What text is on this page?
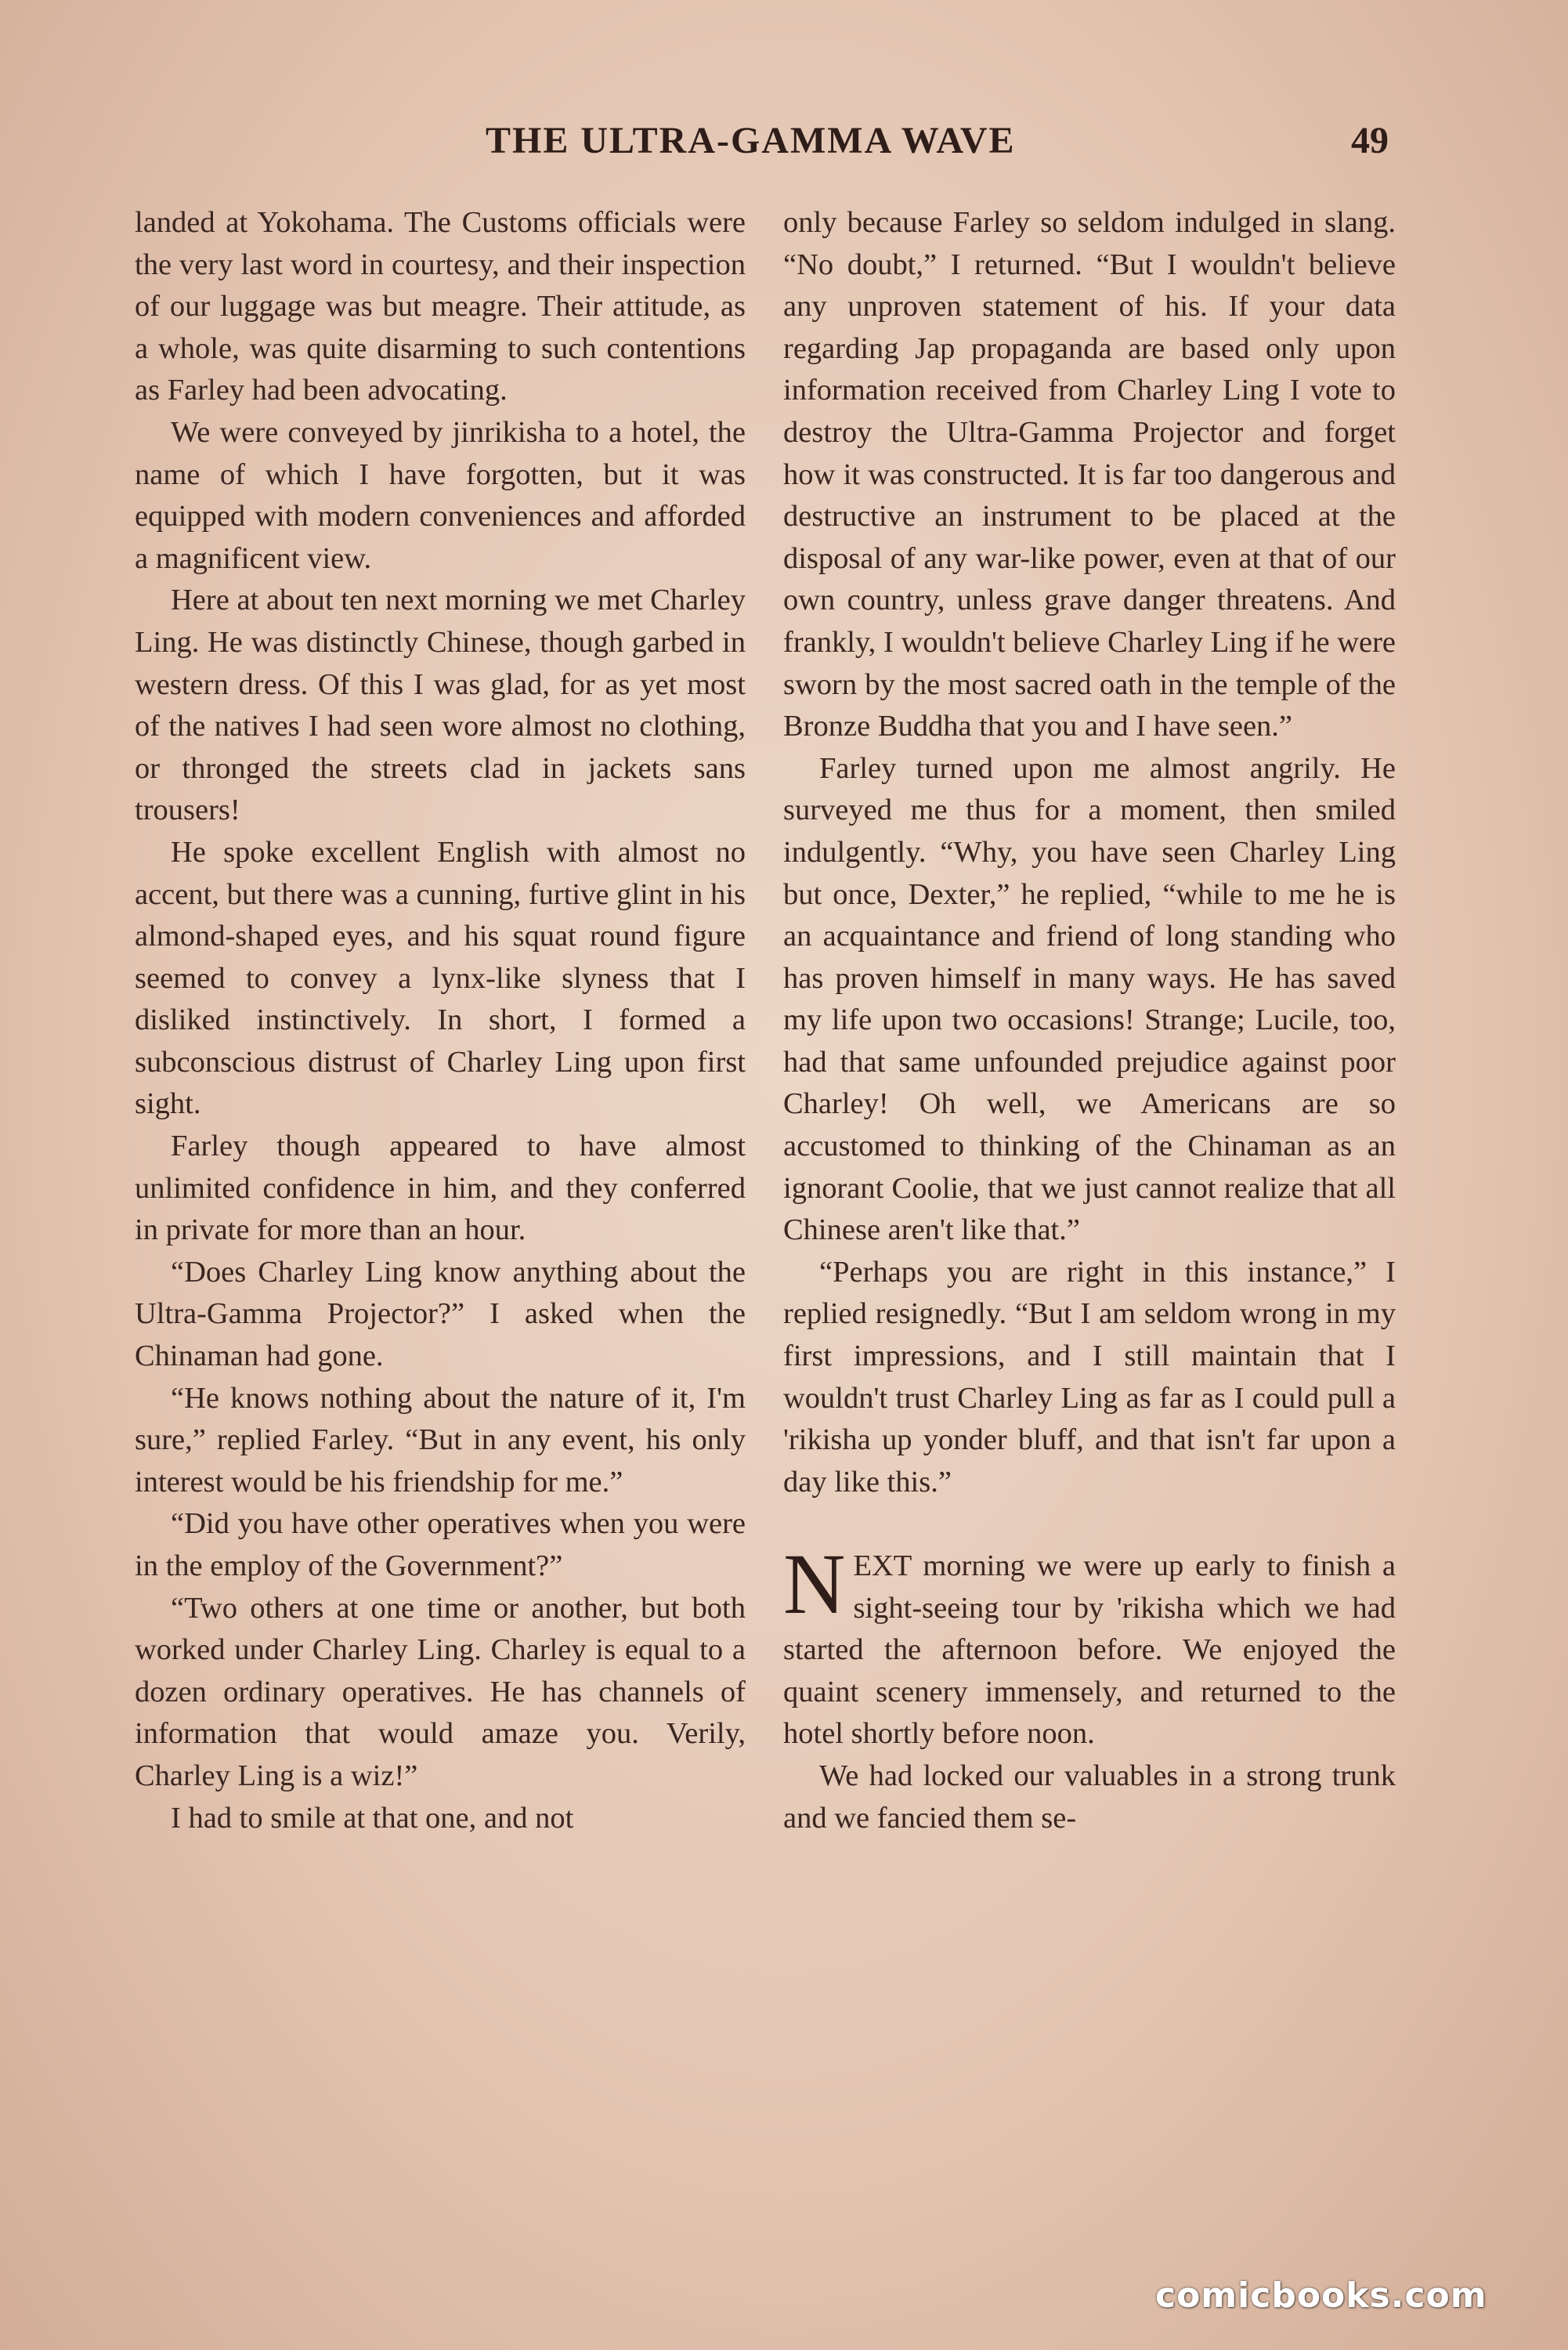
THE ULTRA-GAMMA WAVE	49

landed at Yokohama. The Customs officials were the very last word in courtesy, and their inspection of our luggage was but meagre. Their attitude, as a whole, was quite disarming to such contentions as Farley had been advocating.

We were conveyed by jinrikisha to a hotel, the name of which I have forgotten, but it was equipped with modern conveniences and afforded a magnificent view.

Here at about ten next morning we met Charley Ling. He was distinctly Chinese, though garbed in western dress. Of this I was glad, for as yet most of the natives I had seen wore almost no clothing, or thronged the streets clad in jackets sans trousers!

He spoke excellent English with almost no accent, but there was a cunning, furtive glint in his almond-shaped eyes, and his squat round figure seemed to convey a lynx-like slyness that I disliked instinctively. In short, I formed a subconscious distrust of Charley Ling upon first sight.

Farley though appeared to have almost unlimited confidence in him, and they conferred in private for more than an hour.

“Does Charley Ling know anything about the Ultra-Gamma Projector?” I asked when the Chinaman had gone.

“He knows nothing about the nature of it, I'm sure,” replied Farley. “But in any event, his only interest would be his friendship for me.”

“Did you have other operatives when you were in the employ of the Government?”

“Two others at one time or another, but both worked under Charley Ling. Charley is equal to a dozen ordinary operatives. He has channels of information that would amaze you. Verily, Charley Ling is a wiz!”

I had to smile at that one, and not

only because Farley so seldom indulged in slang. “No doubt,” I returned. “But I wouldn't believe any unproven statement of his. If your data regarding Jap propaganda are based only upon information received from Charley Ling I vote to destroy the Ultra-Gamma Projector and forget how it was constructed. It is far too dangerous and destructive an instrument to be placed at the disposal of any war-like power, even at that of our own country, unless grave danger threatens. And frankly, I wouldn't believe Charley Ling if he were sworn by the most sacred oath in the temple of the Bronze Buddha that you and I have seen.”

Farley turned upon me almost angrily. He surveyed me thus for a moment, then smiled indulgently. “Why, you have seen Charley Ling but once, Dexter,” he replied, “while to me he is an acquaintance and friend of long standing who has proven himself in many ways. He has saved my life upon two occasions! Strange; Lucile, too, had that same unfounded prejudice against poor Charley! Oh well, we Americans are so accustomed to thinking of the Chinaman as an ignorant Coolie, that we just cannot realize that all Chinese aren't like that.”

“Perhaps you are right in this instance,” I replied resignedly. “But I am seldom wrong in my first impressions, and I still maintain that I wouldn't trust Charley Ling as far as I could pull a 'rikisha up yonder bluff, and that isn't far upon a day like this.”

NEXT morning we were up early to finish a sight-seeing tour by 'rikisha which we had started the afternoon before. We enjoyed the quaint scenery immensely, and returned to the hotel shortly before noon.

We had locked our valuables in a strong trunk and we fancied them se-

comicbooks.com
